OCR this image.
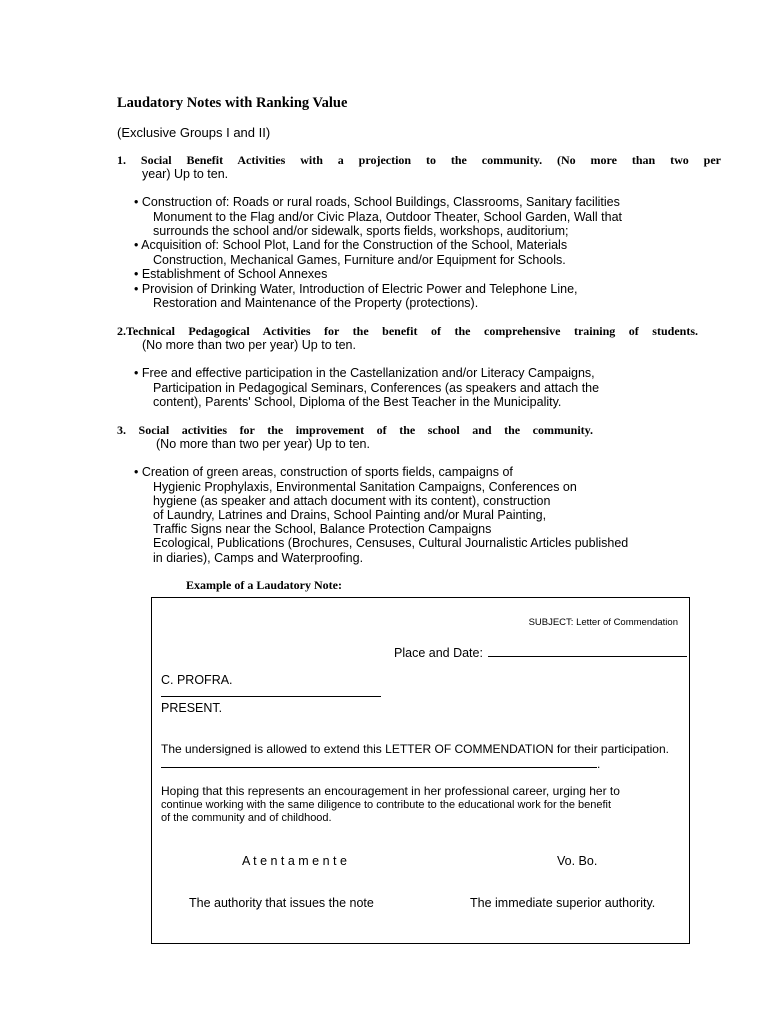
Laudatory Notes with Ranking Value
(Exclusive Groups I and II)
1. Social Benefit Activities with a projection to the community. (No more than two per
year) Up to ten.
• Construction of: Roads or rural roads, School Buildings, Classrooms, Sanitary facilities
Monument to the Flag and/or Civic Plaza, Outdoor Theater, School Garden, Wall that
surrounds the school and/or sidewalk, sports fields, workshops, auditorium;
• Acquisition of: School Plot, Land for the Construction of the School, Materials
Construction, Mechanical Games, Furniture and/or Equipment for Schools.
• Establishment of School Annexes
• Provision of Drinking Water, Introduction of Electric Power and Telephone Line,
Restoration and Maintenance of the Property (protections).
2.Technical Pedagogical Activities for the benefit of the comprehensive training of students.
(No more than two per year) Up to ten.
• Free and effective participation in the Castellanization and/or Literacy Campaigns,
Participation in Pedagogical Seminars, Conferences (as speakers and attach the
content), Parents' School, Diploma of the Best Teacher in the Municipality.
3. Social activities for the improvement of the school and the community.
(No more than two per year) Up to ten.
• Creation of green areas, construction of sports fields, campaigns of
Hygienic Prophylaxis, Environmental Sanitation Campaigns, Conferences on
hygiene (as speaker and attach document with its content), construction
of Laundry, Latrines and Drains, School Painting and/or Mural Painting,
Traffic Signs near the School, Balance Protection Campaigns
Ecological, Publications (Brochures, Censuses, Cultural Journalistic Articles published
in diaries), Camps and Waterproofing.
Example of a Laudatory Note:
SUBJECT: Letter of Commendation
Place and Date:
C. PROFRA.
PRESENT.
The undersigned is allowed to extend this LETTER OF COMMENDATION for their participation.
.
Hoping that this represents an encouragement in her professional career, urging her to
continue working with the same diligence to contribute to the educational work for the benefit
of the community and of childhood.
A t e n t a m e n t e	Vo. Bo.
The authority that issues the note	The immediate superior authority.
